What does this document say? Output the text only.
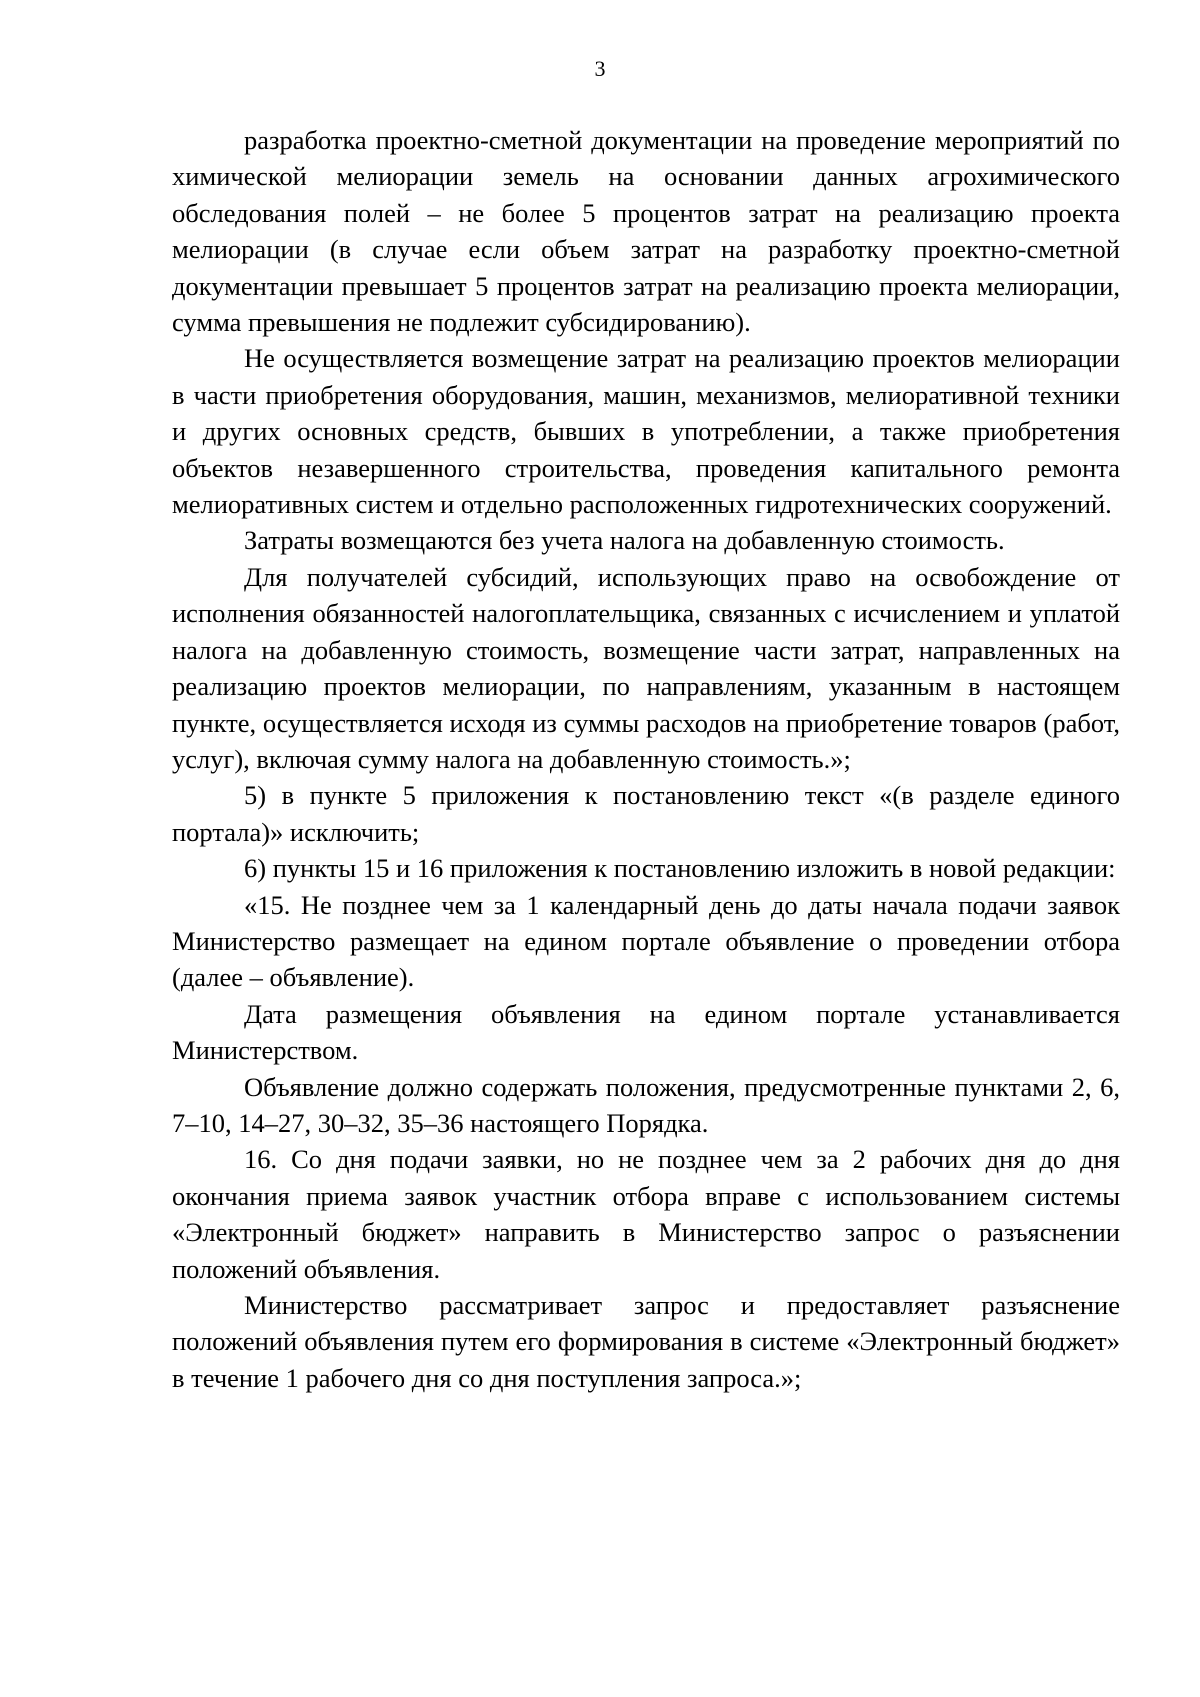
3

разработка проектно-сметной документации на проведение мероприятий по химической мелиорации земель на основании данных агрохимического обследования полей – не более 5 процентов затрат на реализацию проекта мелиорации (в случае если объем затрат на разработку проектно-сметной документации превышает 5 процентов затрат на реализацию проекта мелиорации, сумма превышения не подлежит субсидированию).

Не осуществляется возмещение затрат на реализацию проектов мелиорации в части приобретения оборудования, машин, механизмов, мелиоративной техники и других основных средств, бывших в употреблении, а также приобретения объектов незавершенного строительства, проведения капитального ремонта мелиоративных систем и отдельно расположенных гидротехнических сооружений.

Затраты возмещаются без учета налога на добавленную стоимость.

Для получателей субсидий, использующих право на освобождение от исполнения обязанностей налогоплательщика, связанных с исчислением и уплатой налога на добавленную стоимость, возмещение части затрат, направленных на реализацию проектов мелиорации, по направлениям, указанным в настоящем пункте, осуществляется исходя из суммы расходов на приобретение товаров (работ, услуг), включая сумму налога на добавленную стоимость.»;

5) в пункте 5 приложения к постановлению текст «(в разделе единого портала)» исключить;

6) пункты 15 и 16 приложения к постановлению изложить в новой редакции:

«15. Не позднее чем за 1 календарный день до даты начала подачи заявок Министерство размещает на едином портале объявление о проведении отбора (далее – объявление).

Дата размещения объявления на едином портале устанавливается Министерством.

Объявление должно содержать положения, предусмотренные пунктами 2, 6, 7–10, 14–27, 30–32, 35–36 настоящего Порядка.

16. Со дня подачи заявки, но не позднее чем за 2 рабочих дня до дня окончания приема заявок участник отбора вправе с использованием системы «Электронный бюджет» направить в Министерство запрос о разъяснении положений объявления.

Министерство рассматривает запрос и предоставляет разъяснение положений объявления путем его формирования в системе «Электронный бюджет» в течение 1 рабочего дня со дня поступления запроса.»;
